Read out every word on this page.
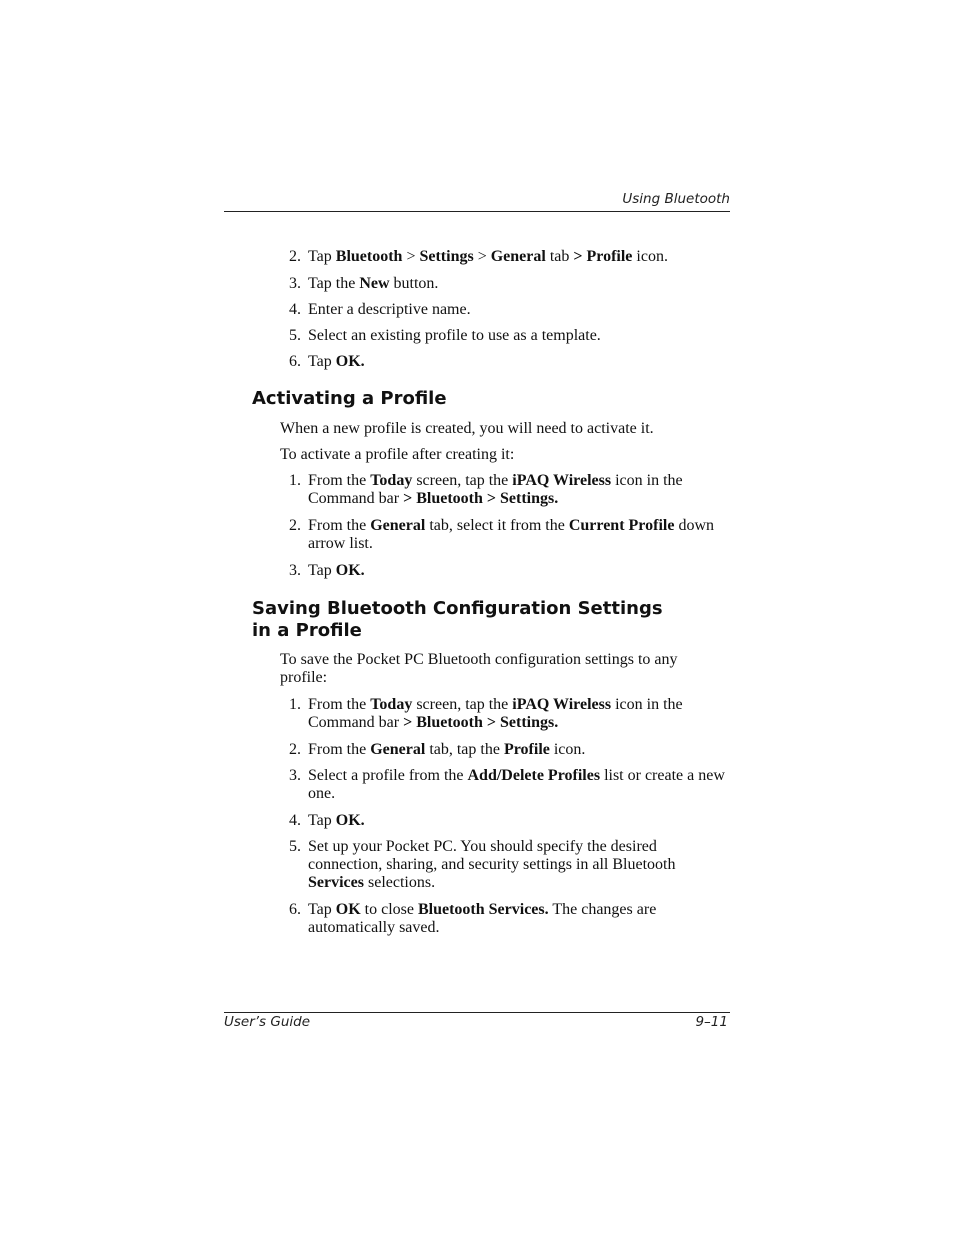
Using Bluetooth
2. Tap Bluetooth > Settings > General tab > Profile icon.
3. Tap the New button.
4. Enter a descriptive name.
5. Select an existing profile to use as a template.
6. Tap OK.
Activating a Profile
When a new profile is created, you will need to activate it.
To activate a profile after creating it:
1. From the Today screen, tap the iPAQ Wireless icon in the Command bar > Bluetooth > Settings.
2. From the General tab, select it from the Current Profile down arrow list.
3. Tap OK.
Saving Bluetooth Configuration Settings
in a Profile
To save the Pocket PC Bluetooth configuration settings to any profile:
1. From the Today screen, tap the iPAQ Wireless icon in the Command bar > Bluetooth > Settings.
2. From the General tab, tap the Profile icon.
3. Select a profile from the Add/Delete Profiles list or create a new one.
4. Tap OK.
5. Set up your Pocket PC. You should specify the desired connection, sharing, and security settings in all Bluetooth Services selections.
6. Tap OK to close Bluetooth Services. The changes are automatically saved.
User’s Guide	9–11
